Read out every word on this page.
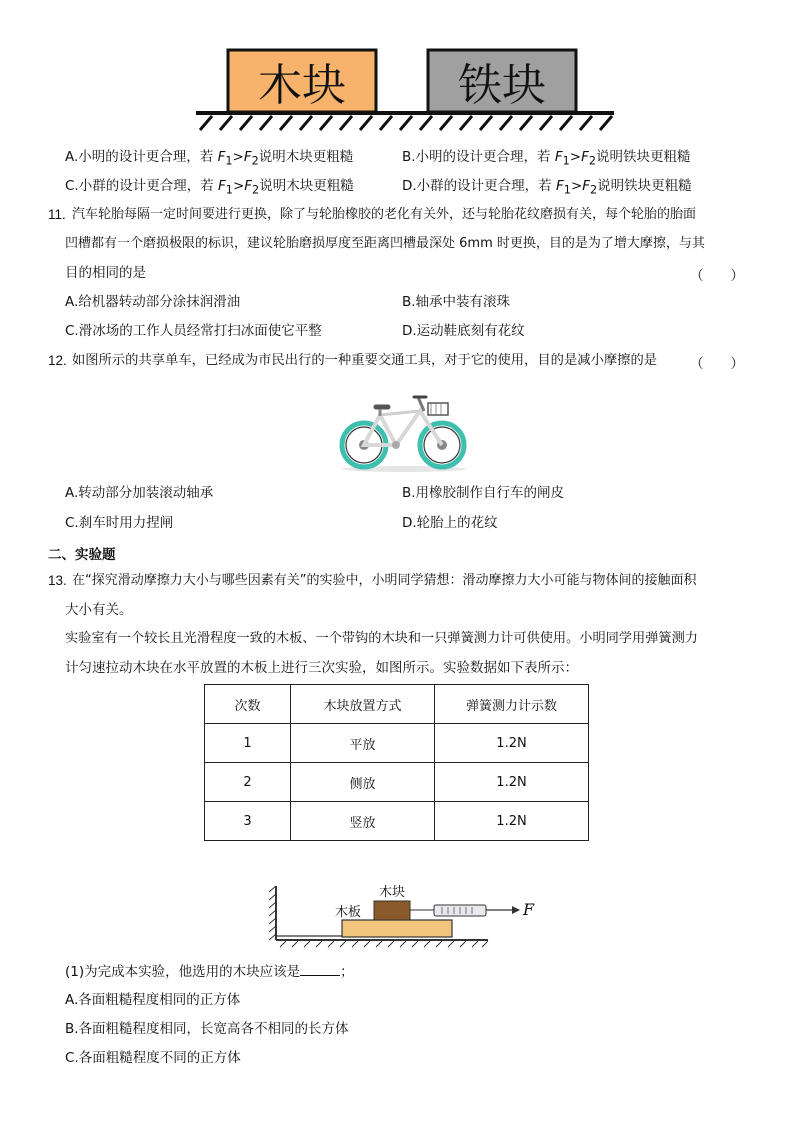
木块	铁块
A.小明的设计更合理，若 $F_1>F_2$说明木块更粗糙	B.小明的设计更合理，若 $F_1>F_2$说明铁块更粗糙
C.小群的设计更合理，若 $F_1>F_2$说明木块更粗糙	D.小群的设计更合理，若 $F_1>F_2$说明铁块更粗糙
11. 汽车轮胎每隔一定时间要进行更换，除了与轮胎橡胶的老化有关外，还与轮胎花纹磨损有关，每个轮胎的胎面
凹槽都有一个磨损极限的标识，建议轮胎磨损厚度至距离凹槽最深处 6mm 时更换，目的是为了增大摩擦，与其
目的相同的是	（　　）
A.给机器转动部分涂抹润滑油	B.轴承中装有滚珠
C.滑冰场的工作人员经常打扫冰面使它平整	D.运动鞋底刻有花纹
12. 如图所示的共享单车，已经成为市民出行的一种重要交通工具，对于它的使用，目的是减小摩擦的是 （　　）
A.转动部分加装滚动轴承	B.用橡胶制作自行车的闸皮
C.刹车时用力捏闸	D.轮胎上的花纹
二、实验题
13. 在“探究滑动摩擦力大小与哪些因素有关”的实验中，小明同学猜想：滑动摩擦力大小可能与物体间的接触面积
大小有关。
实验室有一个较长且光滑程度一致的木板、一个带钩的木块和一只弹簧测力计可供使用。小明同学用弹簧测力
计匀速拉动木块在水平放置的木板上进行三次实验，如图所示。实验数据如下表所示：
次数	木块放置方式	弹簧测力计示数
1	平放	1.2N
2	侧放	1.2N
3	竖放	1.2N
木块
木板	F
(1)为完成本实验，他选用的木块应该是	；
A.各面粗糙程度相同的正方体
B.各面粗糙程度相同，长宽高各不相同的长方体
C.各面粗糙程度不同的正方体
